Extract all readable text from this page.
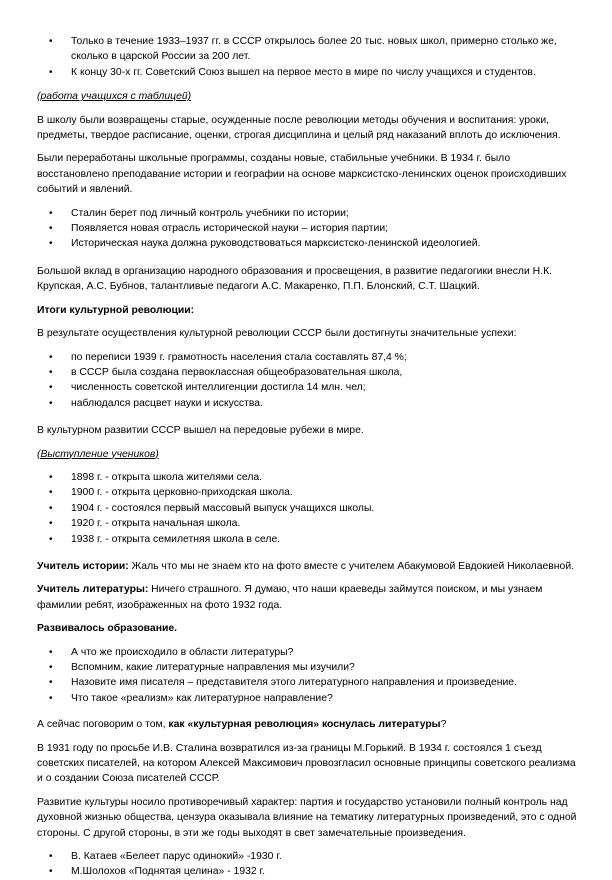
• Только в течение 1933–1937 гг. в СССР открылось более 20 тыс. новых школ, примерно столько же, сколько в царской России за 200 лет.
• К концу 30-х гг. Советский Союз вышел на первое место в мире по числу учащихся и студентов.

(работа учащихся с таблицей)

В школу были возвращены старые, осужденные после революции методы обучения и воспитания: уроки, предметы, твердое расписание, оценки, строгая дисциплина и целый ряд наказаний вплоть до исключения.

Были переработаны школьные программы, созданы новые, стабильные учебники. В 1934 г. было восстановлено преподавание истории и географии на основе марксистско-ленинских оценок происходивших событий и явлений.

• Сталин берет под личный контроль учебники по истории;
• Появляется новая отрасль исторической науки – история партии;
• Историческая наука должна руководствоваться марксистско-ленинской идеологией.

Большой вклад в организацию народного образования и просвещения, в развитие педагогики внесли Н.К. Крупская, А.С. Бубнов, талантливые педагоги А.С. Макаренко, П.П. Блонский, С.Т. Шацкий.

Итоги культурной революции:

В результате осуществления культурной революции СССР были достигнуты значительные успехи:

• по переписи 1939 г. грамотность населения стала составлять 87,4 %;
• в СССР была создана первоклассная общеобразовательная школа,
• численность советской интеллигенции достигла 14 млн. чел;
• наблюдался расцвет науки и искусства.

В культурном развитии СССР вышел на передовые рубежи в мире.

(Выступление учеников)

• 1898 г. - открыта школа жителями села.
• 1900 г. - открыта церковно-приходская школа.
• 1904 г. - состоялся первый массовый выпуск учащихся школы.
• 1920 г. - открыта начальная школа.
• 1938 г. - открыта семилетняя школа в селе.

Учитель истории: Жаль что мы не знаем кто на фото вместе с учителем Абакумовой Евдокией Николаевной.

Учитель литературы: Ничего страшного. Я думаю, что наши краеведы займутся поиском, и мы узнаем фамилии ребят, изображенных на фото 1932 года.

Развивалось образование.

• А что же происходило в области литературы?
• Вспомним, какие литературные направления мы изучили?
• Назовите имя писателя – представителя этого литературного направления и произведение.
• Что такое «реализм» как литературное направление?

А сейчас поговорим о том, как «культурная революция» коснулась литературы?

В 1931 году по просьбе И.В. Сталина возвратился из-за границы М.Горький. В 1934 г. состоялся 1 съезд советских писателей, на котором Алексей Максимович провозгласил основные принципы советского реализма и о создании Союза писателей СССР.

Развитие культуры носило противоречивый характер: партия и государство установили полный контроль над духовной жизнью общества, цензура оказывала влияние на тематику литературных произведений, это с одной стороны. С другой стороны, в эти же годы выходят в свет замечательные произведения.

• В. Катаев «Белеет парус одинокий» -1930 г.
• М.Шолохов «Поднятая целина» - 1932 г.
